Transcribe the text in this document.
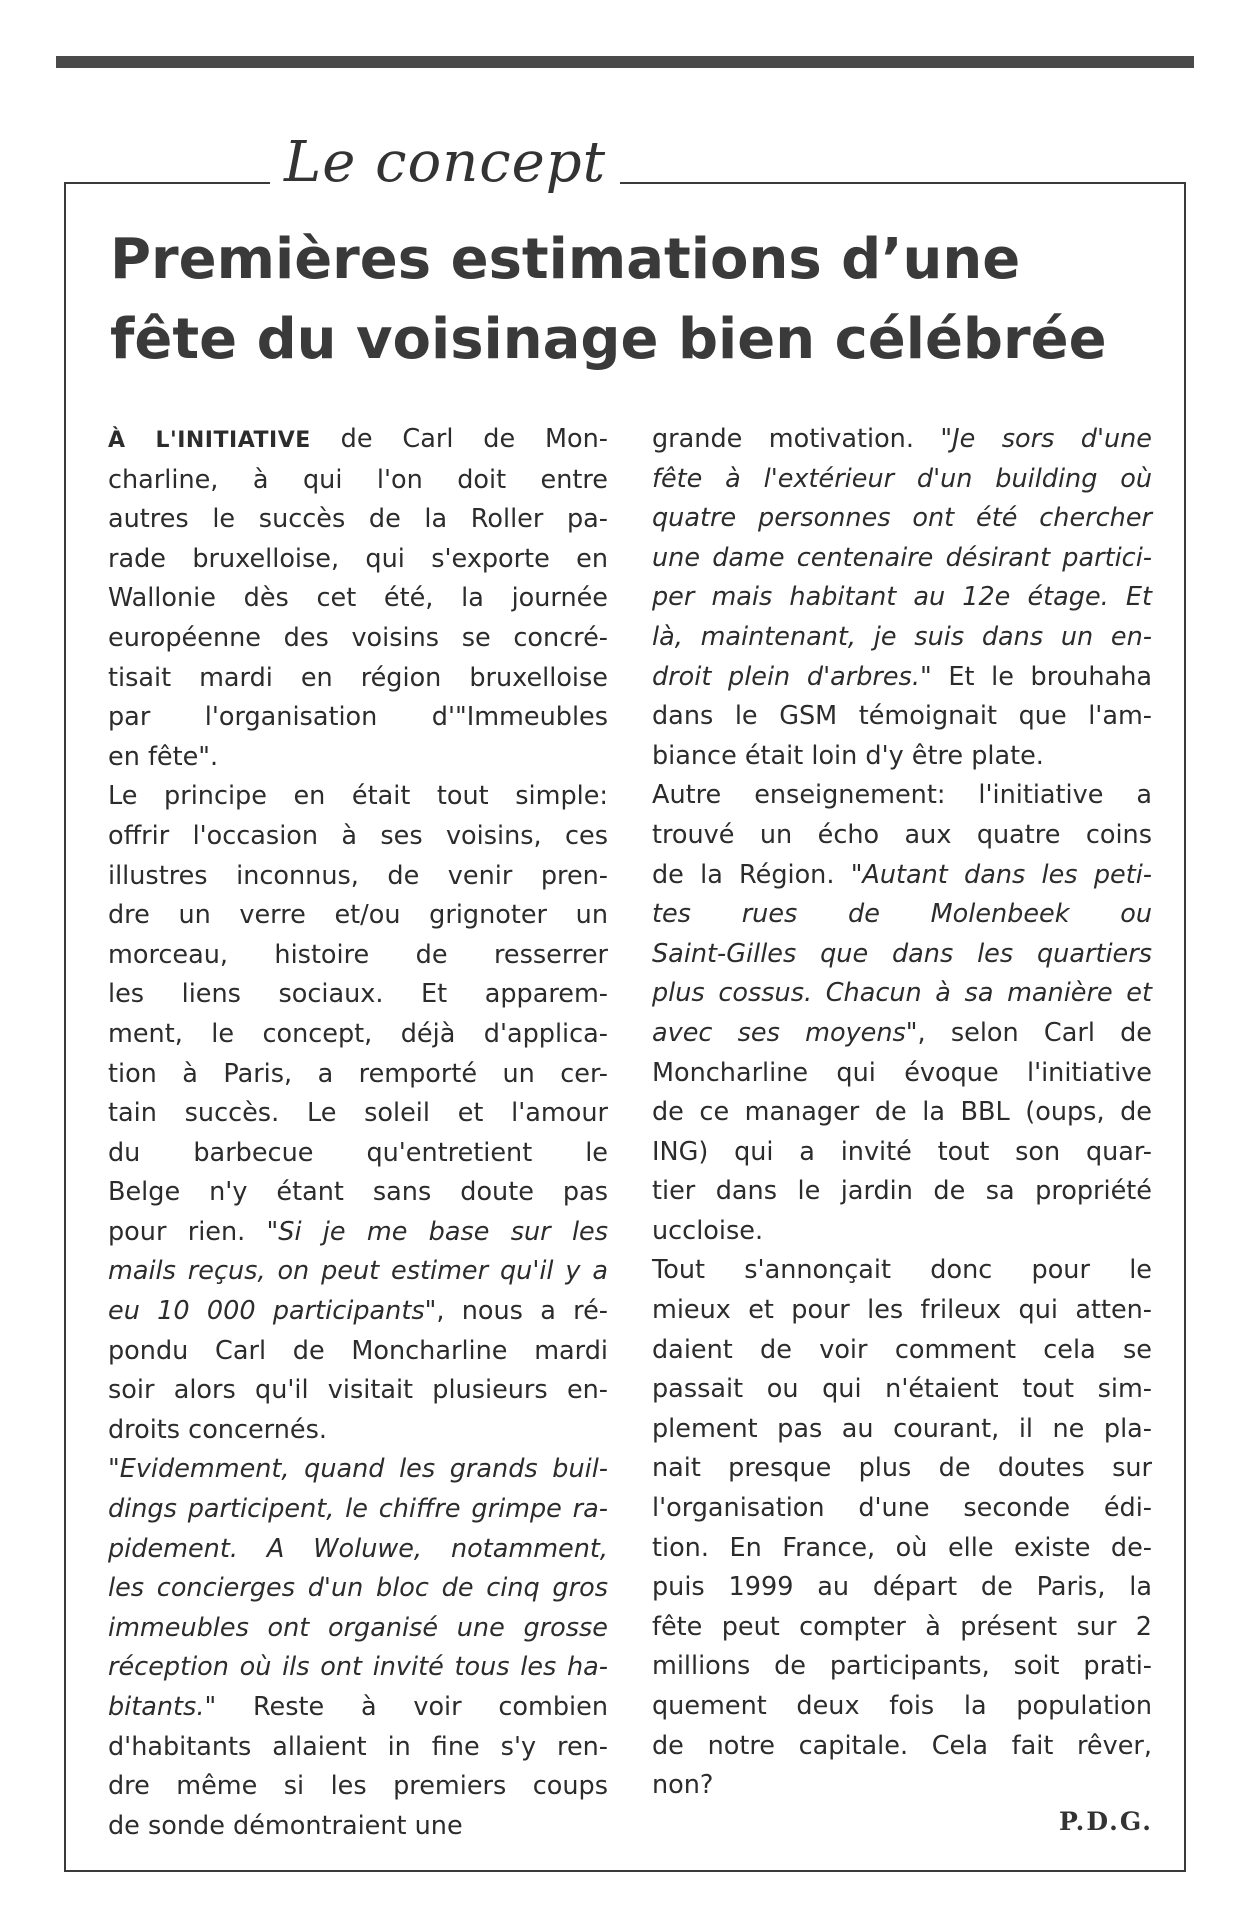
Le concept
Premières estimations d’une fête du voisinage bien célébrée
À L'INITIATIVE de Carl de Mon-
charline, à qui l'on doit entre
autres le succès de la Roller pa-
rade bruxelloise, qui s'exporte en
Wallonie dès cet été, la journée
européenne des voisins se concré-
tisait mardi en région bruxelloise
par l'organisation d'"Immeubles
en fête".
Le principe en était tout simple:
offrir l'occasion à ses voisins, ces
illustres inconnus, de venir pren-
dre un verre et/ou grignoter un
morceau, histoire de resserrer
les liens sociaux. Et apparem-
ment, le concept, déjà d'applica-
tion à Paris, a remporté un cer-
tain succès. Le soleil et l'amour
du barbecue qu'entretient le
Belge n'y étant sans doute pas
pour rien. "Si je me base sur les
mails reçus, on peut estimer qu'il y a
eu 10 000 participants", nous a ré-
pondu Carl de Moncharline mardi
soir alors qu'il visitait plusieurs en-
droits concernés.
"Evidemment, quand les grands buil-
dings participent, le chiffre grimpe ra-
pidement. A Woluwe, notamment,
les concierges d'un bloc de cinq gros
immeubles ont organisé une grosse
réception où ils ont invité tous les ha-
bitants." Reste à voir combien
d'habitants allaient in fine s'y ren-
dre même si les premiers coups
de sonde démontraient une
grande motivation. "Je sors d'une
fête à l'extérieur d'un building où
quatre personnes ont été chercher
une dame centenaire désirant partici-
per mais habitant au 12e étage. Et
là, maintenant, je suis dans un en-
droit plein d'arbres." Et le brouhaha
dans le GSM témoignait que l'am-
biance était loin d'y être plate.
Autre enseignement: l'initiative a
trouvé un écho aux quatre coins
de la Région. "Autant dans les peti-
tes rues de Molenbeek ou
Saint-Gilles que dans les quartiers
plus cossus. Chacun à sa manière et
avec ses moyens", selon Carl de
Moncharline qui évoque l'initiative
de ce manager de la BBL (oups, de
ING) qui a invité tout son quar-
tier dans le jardin de sa propriété
uccloise.
Tout s'annonçait donc pour le
mieux et pour les frileux qui atten-
daient de voir comment cela se
passait ou qui n'étaient tout sim-
plement pas au courant, il ne pla-
nait presque plus de doutes sur
l'organisation d'une seconde édi-
tion. En France, où elle existe de-
puis 1999 au départ de Paris, la
fête peut compter à présent sur 2
millions de participants, soit prati-
quement deux fois la population
de notre capitale. Cela fait rêver,
non?
P.D.G.
